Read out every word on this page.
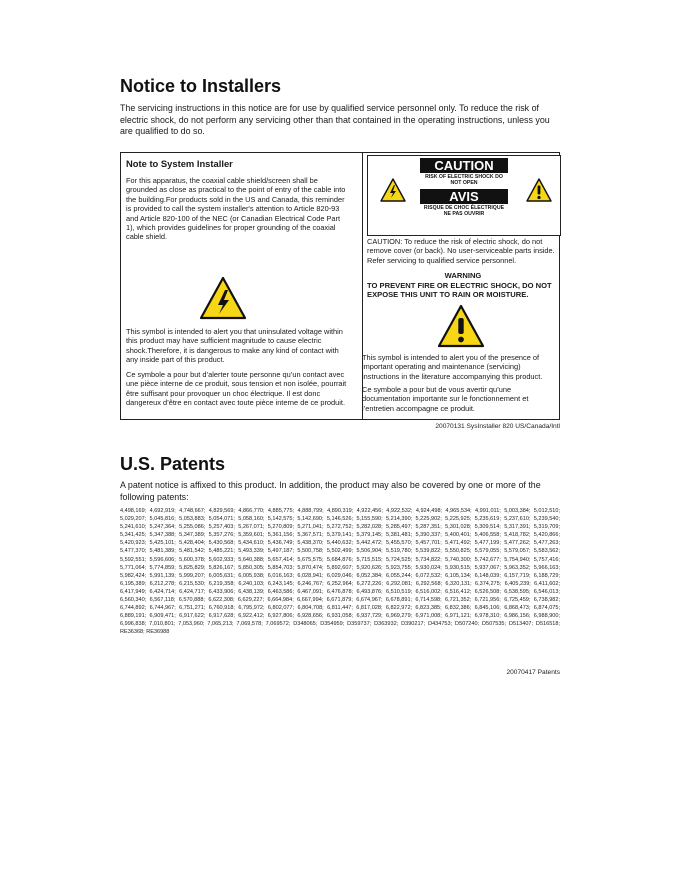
Notice to Installers

The servicing instructions in this notice are for use by qualified service personnel only. To reduce the risk of electric shock, do not perform any servicing other than that contained in the operating instructions, unless you are qualified to do so.

Note to System Installer

For this apparatus, the coaxial cable shield/screen shall be grounded as close as practical to the point of entry of the cable into the building.For products sold in the US and Canada, this reminder is provided to call the system installer's attention to Article 820-93 and Article 820-100 of the NEC (or Canadian Electrical Code Part 1), which provides guidelines for proper grounding of the coaxial cable shield.

This symbol is intended to alert you that uninsulated voltage within this product may have sufficient magnitude to cause electric shock.Therefore, it is dangerous to make any kind of contact with any inside part of this product.

Ce symbole a pour but d’alerter toute personne qu’un contact avec une pièce interne de ce produit, sous tension et non isolée, pourrait être suffisant pour provoquer un choc électrique. Il est donc dangereux d’être en contact avec toute pièce interne de ce produit.

CAUTION
RISK OF ELECTRIC SHOCK DO NOT OPEN
AVIS
RISQUE DE CHOC ÉLECTRIQUE NE PAS OUVRIR

CAUTION: To reduce the risk of electric shock, do not remove cover (or back). No user-serviceable parts inside. Refer servicing to qualified service personnel.

WARNING
TO PREVENT FIRE OR ELECTRIC SHOCK, DO NOT EXPOSE THIS UNIT TO RAIN OR MOISTURE.

This symbol is intended to alert you of the presence of important operating and maintenance (servicing) instructions in the literature accompanying this product.

Ce symbole a pour but de vous avertir qu’une documentation importante sur le fonctionnement et l’entretien accompagne ce produit.

20070131 SysInstaller 820 US/Canada/Intl

U.S. Patents

A patent notice is affixed to this product. In addition, the product may also be covered by one or more of the following patents:

4,498,169; 4,692,919; 4,748,667; 4,829,569; 4,866,770; 4,885,775; 4,888,799; 4,890,319; 4,922,456; 4,922,532; 4,924,498; 4,965,534; 4,991,011; 5,003,384; 5,012,510; 5,029,207; 5,045,816; 5,053,883; 5,054,071; 5,058,160; 5,142,575; 5,142,690; 5,146,526; 5,155,590; 5,214,390; 5,225,902; 5,225,925; 5,235,619; 5,237,610; 5,239,540; 5,241,610; 5,247,364; 5,255,086; 5,257,403; 5,267,071; 5,270,809; 5,271,041; 5,272,752; 5,282,028; 5,285,497; 5,287,351; 5,301,028; 5,309,514; 5,317,391; 5,319,709; 5,341,425; 5,347,388; 5,347,389; 5,357,276; 5,359,601; 5,361,156; 5,367,571; 5,379,141; 5,379,145; 5,381,481; 5,390,337; 5,400,401; 5,406,558; 5,418,782; 5,420,866; 5,420,923; 5,425,101; 5,428,404; 5,430,568; 5,434,610; 5,436,749; 5,438,370; 5,440,632; 5,442,472; 5,455,570; 5,457,701; 5,471,492; 5,477,199; 5,477,262; 5,477,263; 5,477,370; 5,481,389; 5,481,542; 5,485,221; 5,493,339; 5,497,187; 5,500,758; 5,502,499; 5,506,904; 5,519,780; 5,539,822; 5,550,825; 5,579,055; 5,579,057; 5,583,562; 5,592,551; 5,596,606; 5,600,378; 5,602,933; 5,640,388; 5,657,414; 5,675,575; 5,684,876; 5,715,515; 5,724,525; 5,734,822; 5,740,300; 5,742,677; 5,754,940; 5,757,416; 5,771,064; 5,774,859; 5,825,829; 5,826,167; 5,850,305; 5,854,703; 5,870,474; 5,892,607; 5,920,626; 5,923,755; 5,930,024; 5,930,515; 5,937,067; 5,963,352; 5,966,163; 5,982,424; 5,991,139; 5,999,207; 6,005,631; 6,005,938; 6,016,163; 6,028,941; 6,029,046; 6,052,384; 6,055,244; 6,072,532; 6,105,134; 6,148,039; 6,157,719; 6,188,729; 6,195,389; 6,212,278; 6,215,530; 6,219,358; 6,240,103; 6,243,145; 6,246,767; 6,252,964; 6,272,226; 6,292,081; 6,292,568; 6,320,131; 6,374,275; 6,405,239; 6,411,602; 6,417,949; 6,424,714; 6,424,717; 6,433,906; 6,438,139; 6,463,586; 6,467,091; 6,476,878; 6,493,876; 6,510,519; 6,516,002; 6,516,412; 6,526,508; 6,538,595; 6,546,013; 6,560,340; 6,567,118; 6,570,888; 6,622,308; 6,629,227; 6,664,984; 6,667,994; 6,671,879; 6,674,967; 6,678,891; 6,714,598; 6,721,352; 6,721,956; 6,725,459; 6,738,982; 6,744,892; 6,744,967; 6,751,271; 6,760,918; 6,795,972; 6,802,077; 6,804,708; 6,811,447; 6,817,028; 6,822,972; 6,823,385; 6,832,386; 6,845,106; 6,868,473; 6,874,075; 6,889,191; 6,909,471; 6,917,622; 6,917,628; 6,922,412; 6,927,806; 6,928,656; 6,931,058; 6,937,729; 6,969,279; 6,971,008; 6,971,121; 6,978,310; 6,986,156; 6,988,900; 6,996,838; 7,010,801; 7,053,960; 7,065,213; 7,069,578; 7,069572; D348065; D354959; D359737; D363932; D390217; D434753; D507240; D507535; D513407; D516518; RE36368; RE36988

20070417 Patents
